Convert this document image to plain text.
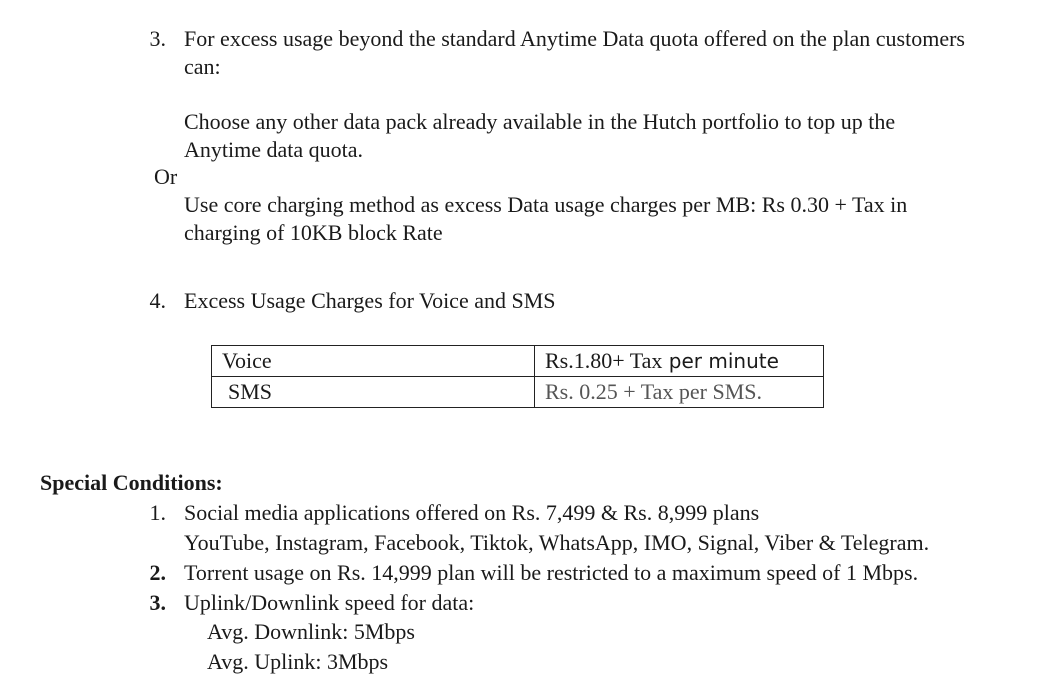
3. For excess usage beyond the standard Anytime Data quota offered on the plan customers
can:
Choose any other data pack already available in the Hutch portfolio to top up the
Anytime data quota.
Or
Use core charging method as excess Data usage charges per MB: Rs 0.30 + Tax in
charging of 10KB block Rate
4. Excess Usage Charges for Voice and SMS
Voice	Rs.1.80+ Tax per minute
SMS	Rs. 0.25 + Tax per SMS.
Special Conditions:
1. Social media applications offered on Rs. 7,499 & Rs. 8,999 plans
YouTube, Instagram, Facebook, Tiktok, WhatsApp, IMO, Signal, Viber & Telegram.
2. Torrent usage on Rs. 14,999 plan will be restricted to a maximum speed of 1 Mbps.
3. Uplink/Downlink speed for data:
Avg. Downlink: 5Mbps
Avg. Uplink: 3Mbps
